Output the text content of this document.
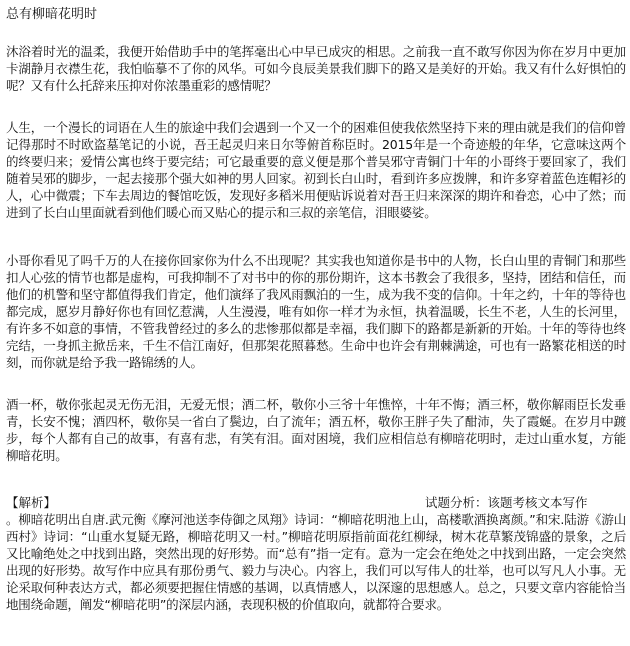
总有柳暗花明时

沐浴着时光的温柔，我便开始借助手中的笔挥毫出心中早已成灾的相思。之前我一直不敢写你因为你在岁月中更加卡湖静月衣襟生花，我怕临摹不了你的风华。可如今良辰美景我们脚下的路又是美好的开始。我又有什么好惧怕的呢？又有什么托辞来压抑对你浓墨重彩的感情呢？

人生，一个漫长的词语在人生的旅途中我们会遇到一个又一个的困难但使我依然坚持下来的理由就是我们的信仰曾记得那时不时欧盗墓笔记的小说，吾王起灵归来日尔等俯首称臣时。2015年是一个奇迹般的年华，它意味这两个的终要归来；爱情公寓也终于要完结；可它最重要的意义便是那个普吴邪守青铜门十年的小哥终于要回家了，我们随着吴邪的脚步，一起去接那个强大如神的男人回家。初到长白山时，看到许多应拨牌，和许多穿着蓝色连帽衫的人，心中微震；下车去周边的餐馆吃饭，发现好多稻米用便贴诉说着对吾王归来深深的期许和眷恋，心中了然；而进到了长白山里面就看到他们暖心而又贴心的提示和三叔的亲笔信，泪眼婆娑。

小哥你看见了吗千万的人在接你回家你为什么不出现呢？其实我也知道你是书中的人物，长白山里的青铜门和那些扣人心弦的情节也都是虚构，可我抑制不了对书中的你的那份期许，这本书教会了我很多，坚持，团结和信任，而他们的机警和坚守都值得我们肯定，他们演绎了我风雨飘泊的一生，成为我不变的信仰。十年之约，十年的等待也都完成，愿岁月静好你也有回忆惹满，人生漫漫，唯有如你一样才为永恒，执着温暖，长生不老，人生的长河里，有许多不如意的事情，不管我曾经过的多么的悲惨那似都是幸福，我们脚下的路都是新新的开始。十年的等待也终完结，一身抓主掀岳来，千生不信江南好，但那架花照暮愁。生命中也许会有荆棘满途，可也有一路繁花相送的时刻，而你就是给予我一路锦绣的人。

酒一杯，敬你张起灵无伤无泪，无爱无恨；酒二杯，敬你小三爷十年憔悴，十年不悔；酒三杯，敬你解雨臣长发垂青，长安不愧；酒四杯，敬你吴一省白了鬓边，白了流年；酒五杯，敬你王胖子失了酣沛，失了霞蜒。在岁月中踱步，每个人都有自己的故事，有喜有悲，有笑有泪。面对困境，我们应相信总有柳暗花明时，走过山重水复，方能柳暗花明。

【解析】	试题分析：该题考核文本写作

。柳暗花明出自唐.武元衡《摩河池送李侍御之凤翔》诗词：“柳暗花明池上山，高楼歌酒换离颜。”和宋.陆游《游山西村》诗词：“山重水复疑无路，柳暗花明又一村。”柳暗花明原指前面花红柳绿，树木花草繁茂锦盛的景象，之后又比喻绝处之中找到出路，突然出现的好形势。而“总有”指一定有。意为一定会在绝处之中找到出路，一定会突然出现的好形势。故写作中应具有那份勇气、毅力与决心。内容上，我们可以写伟人的壮举，也可以写凡人小事。无论采取何种表达方式，都必须要把握住情感的基调，以真情感人，以深邃的思想感人。总之，只要文章内容能恰当地围绕命题，阐发“柳暗花明”的深层内涵，表现积极的价值取向，就都符合要求。
